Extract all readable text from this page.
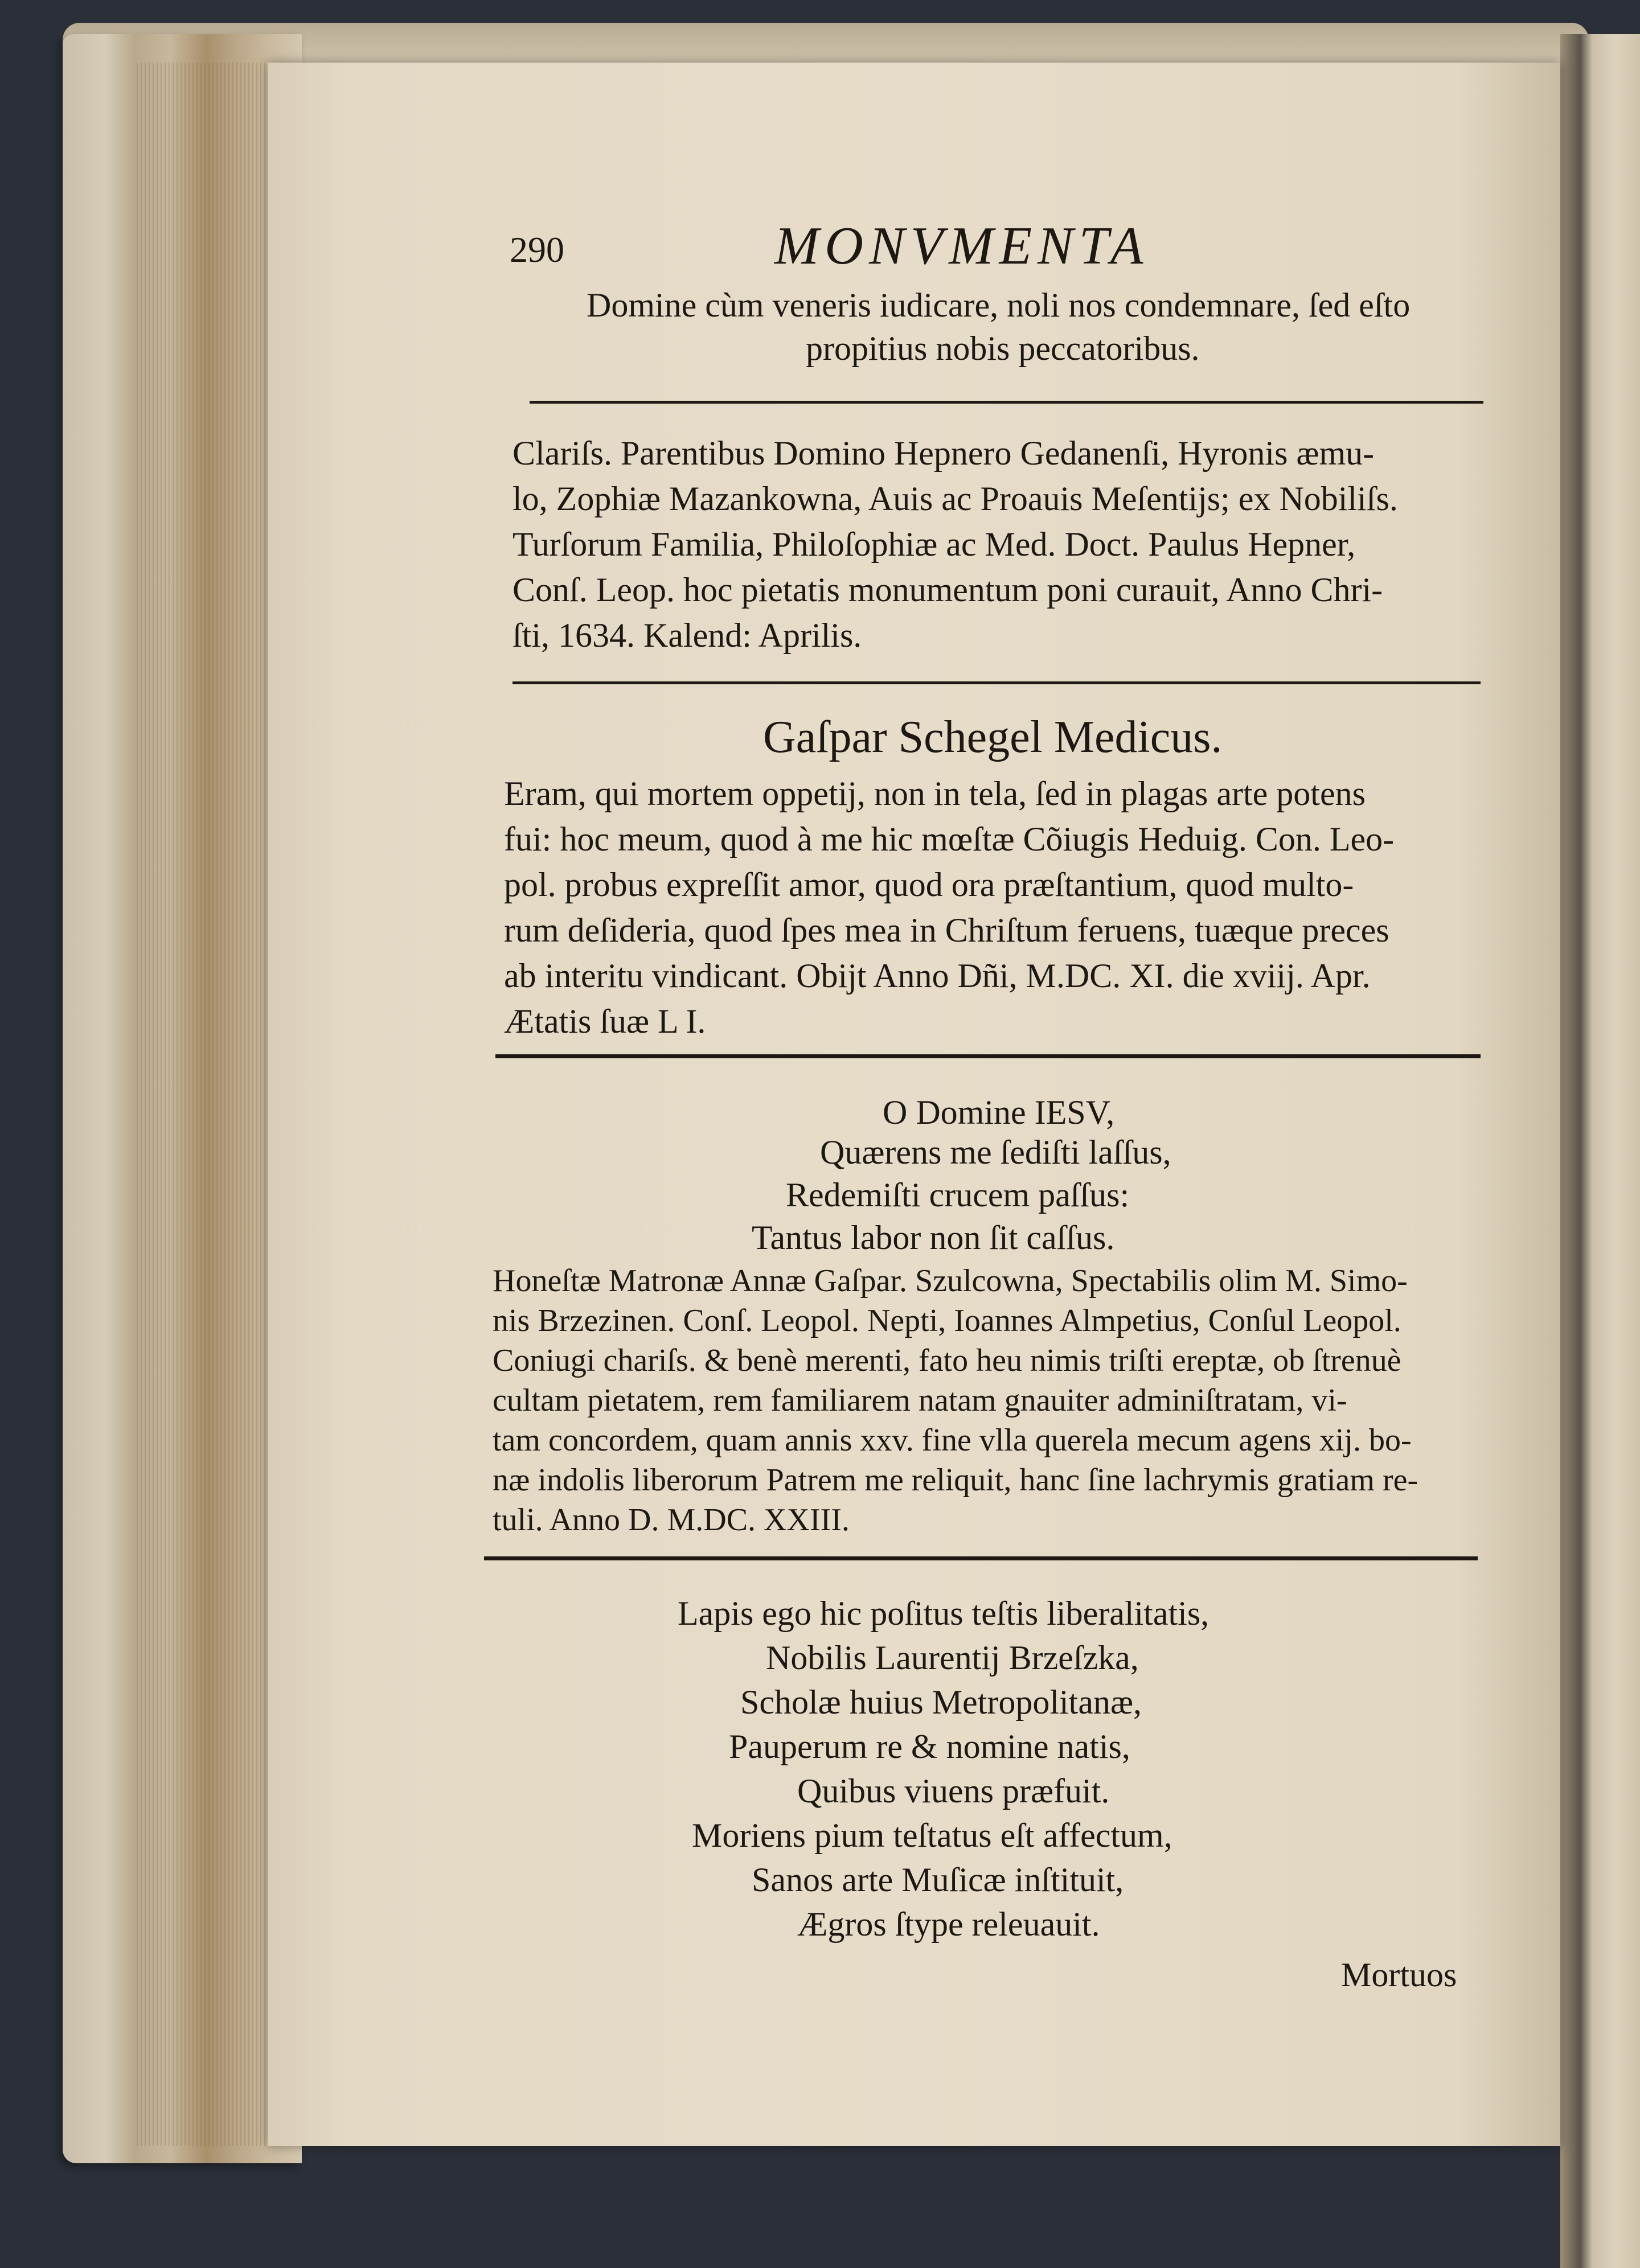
290	MONVMENTA
Domine cùm veneris iudicare, noli nos condemnare, ſed eſto
propitius nobis peccatoribus.
Clariſs. Parentibus Domino Hepnero Gedanenſi, Hyronis æmu-
lo, Zophiæ Mazankowna, Auis ac Proauis Meſentijs; ex Nobiliſs.
Turſorum Familia, Philoſophiæ ac Med. Doct. Paulus Hepner,
Conſ. Leop. hoc pietatis monumentum poni curauit, Anno Chri-
ſti, 1634. Kalend: Aprilis.
Gaſpar Schegel Medicus.
Eram, qui mortem oppetij, non in tela, ſed in plagas arte potens
fui: hoc meum, quod à me hic mœſtæ Cõiugis Heduig. Con. Leo-
pol. probus expreſſit amor, quod ora præſtantium, quod multo-
rum deſideria, quod ſpes mea in Chriſtum feruens, tuæque preces
ab interitu vindicant. Obijt Anno Dñi, M.DC. XI. die xviij. Apr.
Ætatis ſuæ L I.
O Domine IESV,
Quærens me ſediſti laſſus,
Redemiſti crucem paſſus:
Tantus labor non ſit caſſus.
Honeſtæ Matronæ Annæ Gaſpar. Szulcowna, Spectabilis olim M. Simo-
nis Brzezinen. Conſ. Leopol. Nepti, Ioannes Almpetius, Conſul Leopol.
Coniugi chariſs. & benè merenti, fato heu nimis triſti ereptæ, ob ſtrenuè
cultam pietatem, rem familiarem natam gnauiter adminiſtratam, vi-
tam concordem, quam annis xxv. fine vlla querela mecum agens xij. bo-
næ indolis liberorum Patrem me reliquit, hanc ſine lachrymis gratiam re-
tuli. Anno D. M.DC. XXIII.
Lapis ego hic poſitus teſtis liberalitatis,
Nobilis Laurentij Brzeſzka,
Scholæ huius Metropolitanæ,
Pauperum re & nomine natis,
Quibus viuens præfuit.
Moriens pium teſtatus eſt affectum,
Sanos arte Muſicæ inſtituit,
Ægros ſtype releuauit.
Mortuos
